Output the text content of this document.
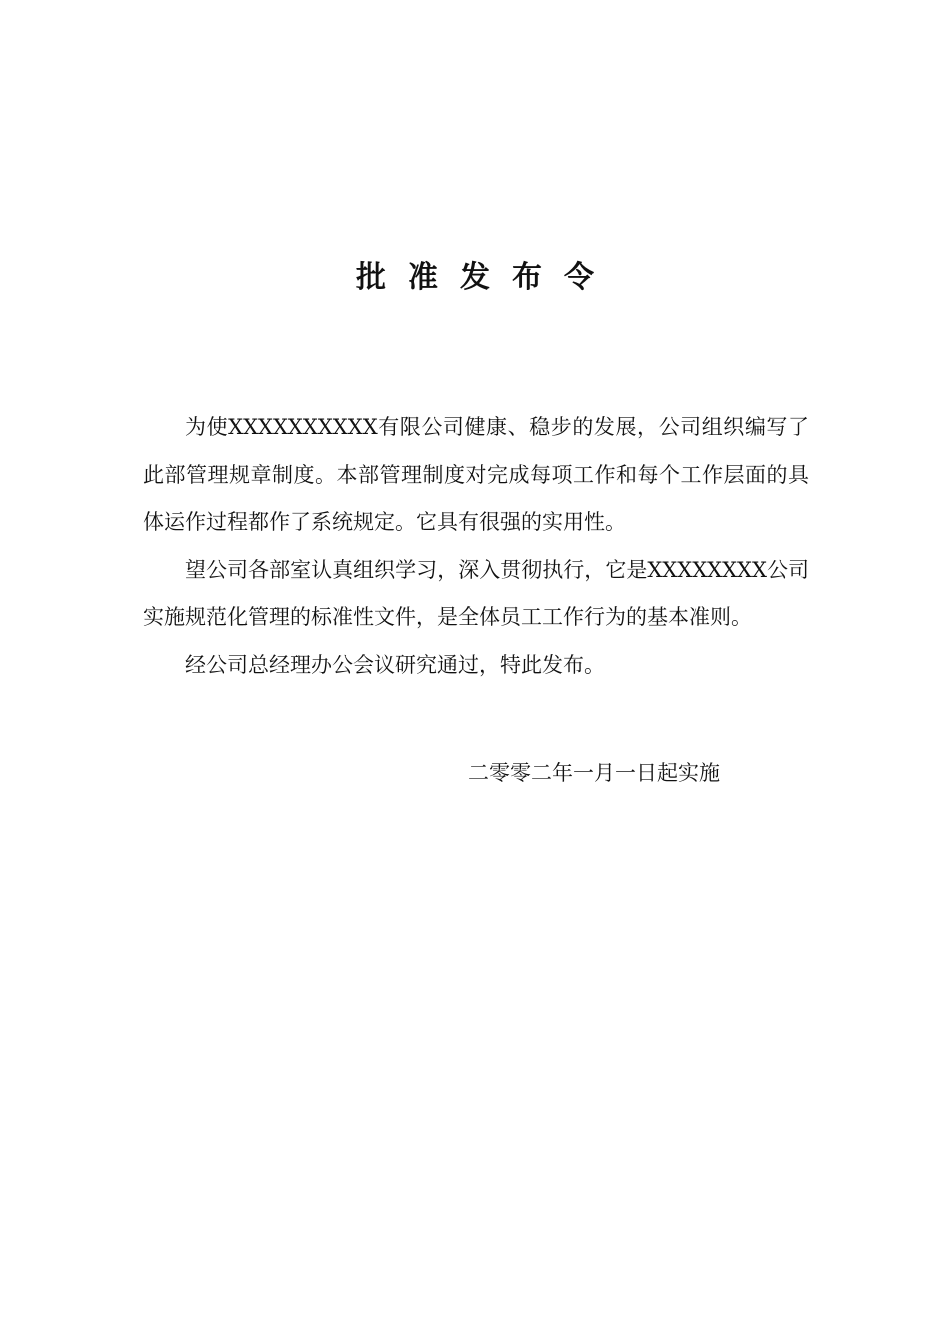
批准发布令

为使XXXXXXXXXX有限公司健康、稳步的发展，公司组织编写了此部管理规章制度。本部管理制度对完成每项工作和每个工作层面的具体运作过程都作了系统规定。它具有很强的实用性。

望公司各部室认真组织学习，深入贯彻执行，它是XXXXXXXX公司实施规范化管理的标准性文件，是全体员工工作行为的基本准则。

经公司总经理办公会议研究通过，特此发布。

二零零二年一月一日起实施
